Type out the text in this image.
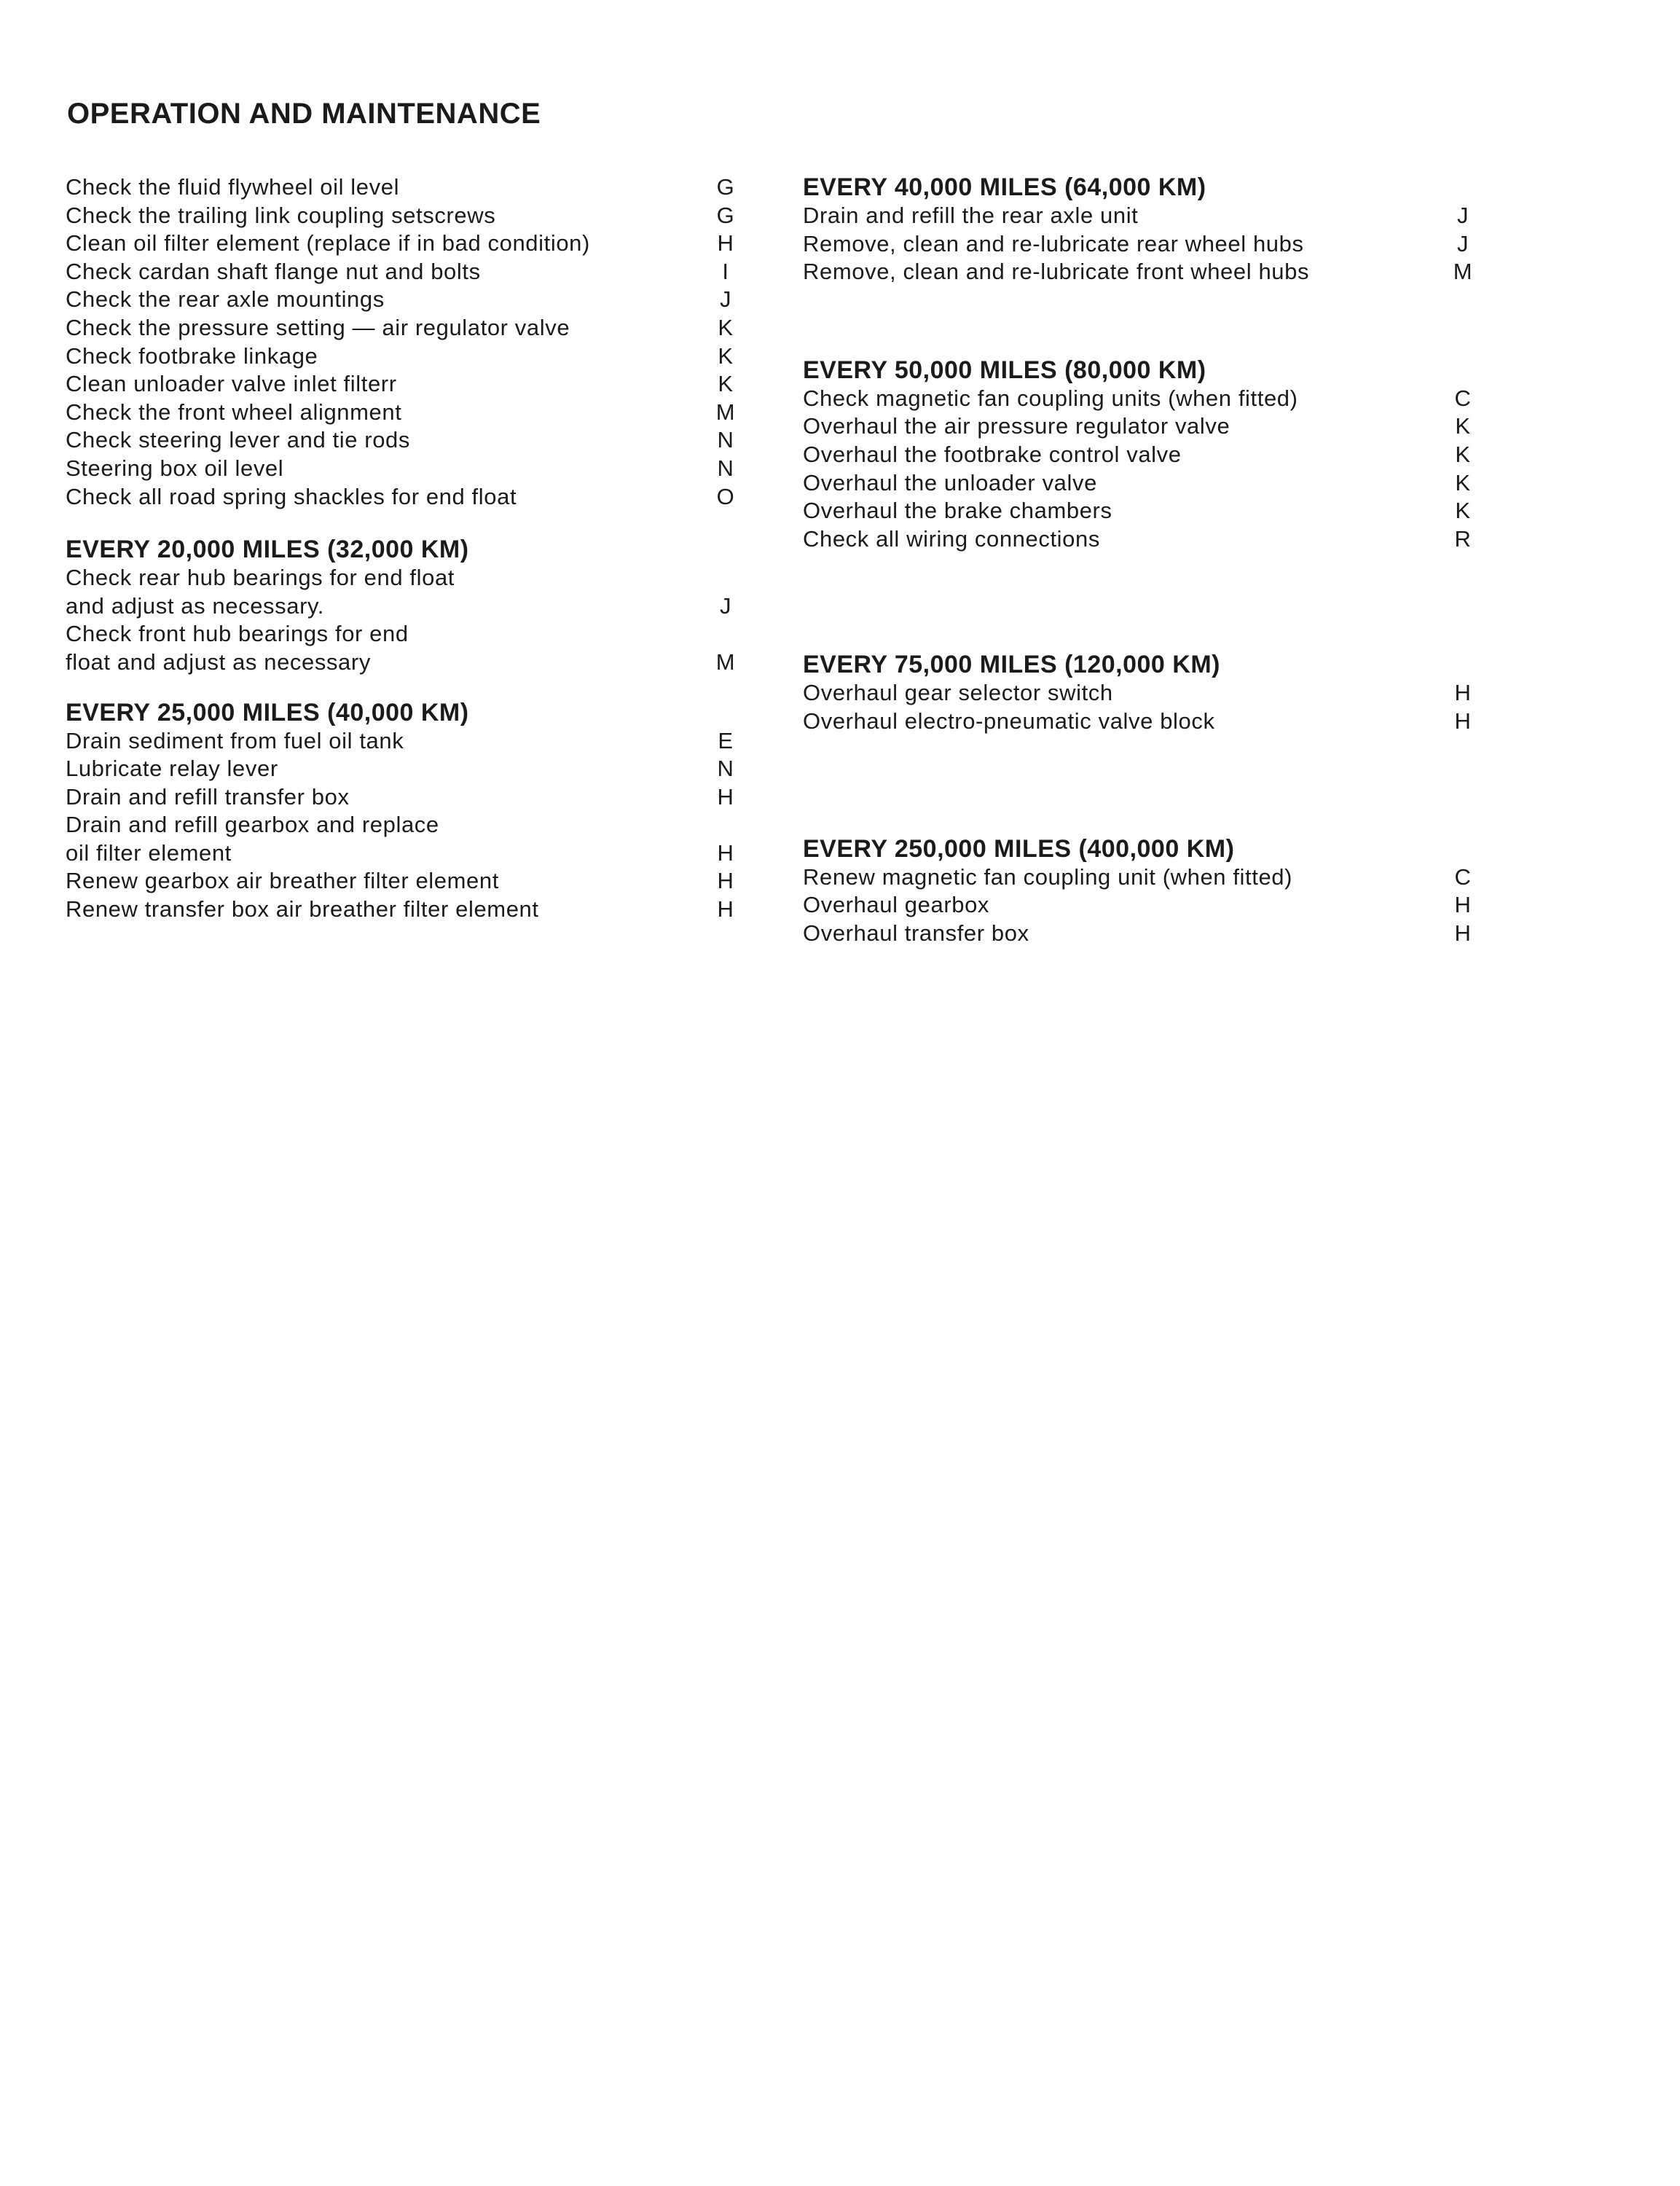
OPERATION AND MAINTENANCE
Check the fluid flywheel oil level	G
Check the trailing link coupling setscrews	G
Clean oil filter element (replace if in bad condition)	H
Check cardan shaft flange nut and bolts	I
Check the rear axle mountings	J
Check the pressure setting — air regulator valve	K
Check footbrake linkage	K
Clean unloader valve inlet filterr	K
Check the front wheel alignment	M
Check steering lever and tie rods	N
Steering box oil level	N
Check all road spring shackles for end float	O
EVERY 20,000 MILES (32,000 KM)
Check rear hub bearings for end float
and adjust as necessary.	J
Check front hub bearings for end
float and adjust as necessary	M
EVERY 25,000 MILES (40,000 KM)
Drain sediment from fuel oil tank	E
Lubricate relay lever	N
Drain and refill transfer box	H
Drain and refill gearbox and replace
oil filter element	H
Renew gearbox air breather filter element	H
Renew transfer box air breather filter element	H
EVERY 40,000 MILES (64,000 KM)
Drain and refill the rear axle unit	J
Remove, clean and re-lubricate rear wheel hubs	J
Remove, clean and re-lubricate front wheel hubs	M
EVERY 50,000 MILES (80,000 KM)
Check magnetic fan coupling units (when fitted)	C
Overhaul the air pressure regulator valve	K
Overhaul the footbrake control valve	K
Overhaul the unloader valve	K
Overhaul the brake chambers	K
Check all wiring connections	R
EVERY 75,000 MILES (120,000 KM)
Overhaul gear selector switch	H
Overhaul electro-pneumatic valve block	H
EVERY 250,000 MILES (400,000 KM)
Renew magnetic fan coupling unit (when fitted)	C
Overhaul gearbox	H
Overhaul transfer box	H
